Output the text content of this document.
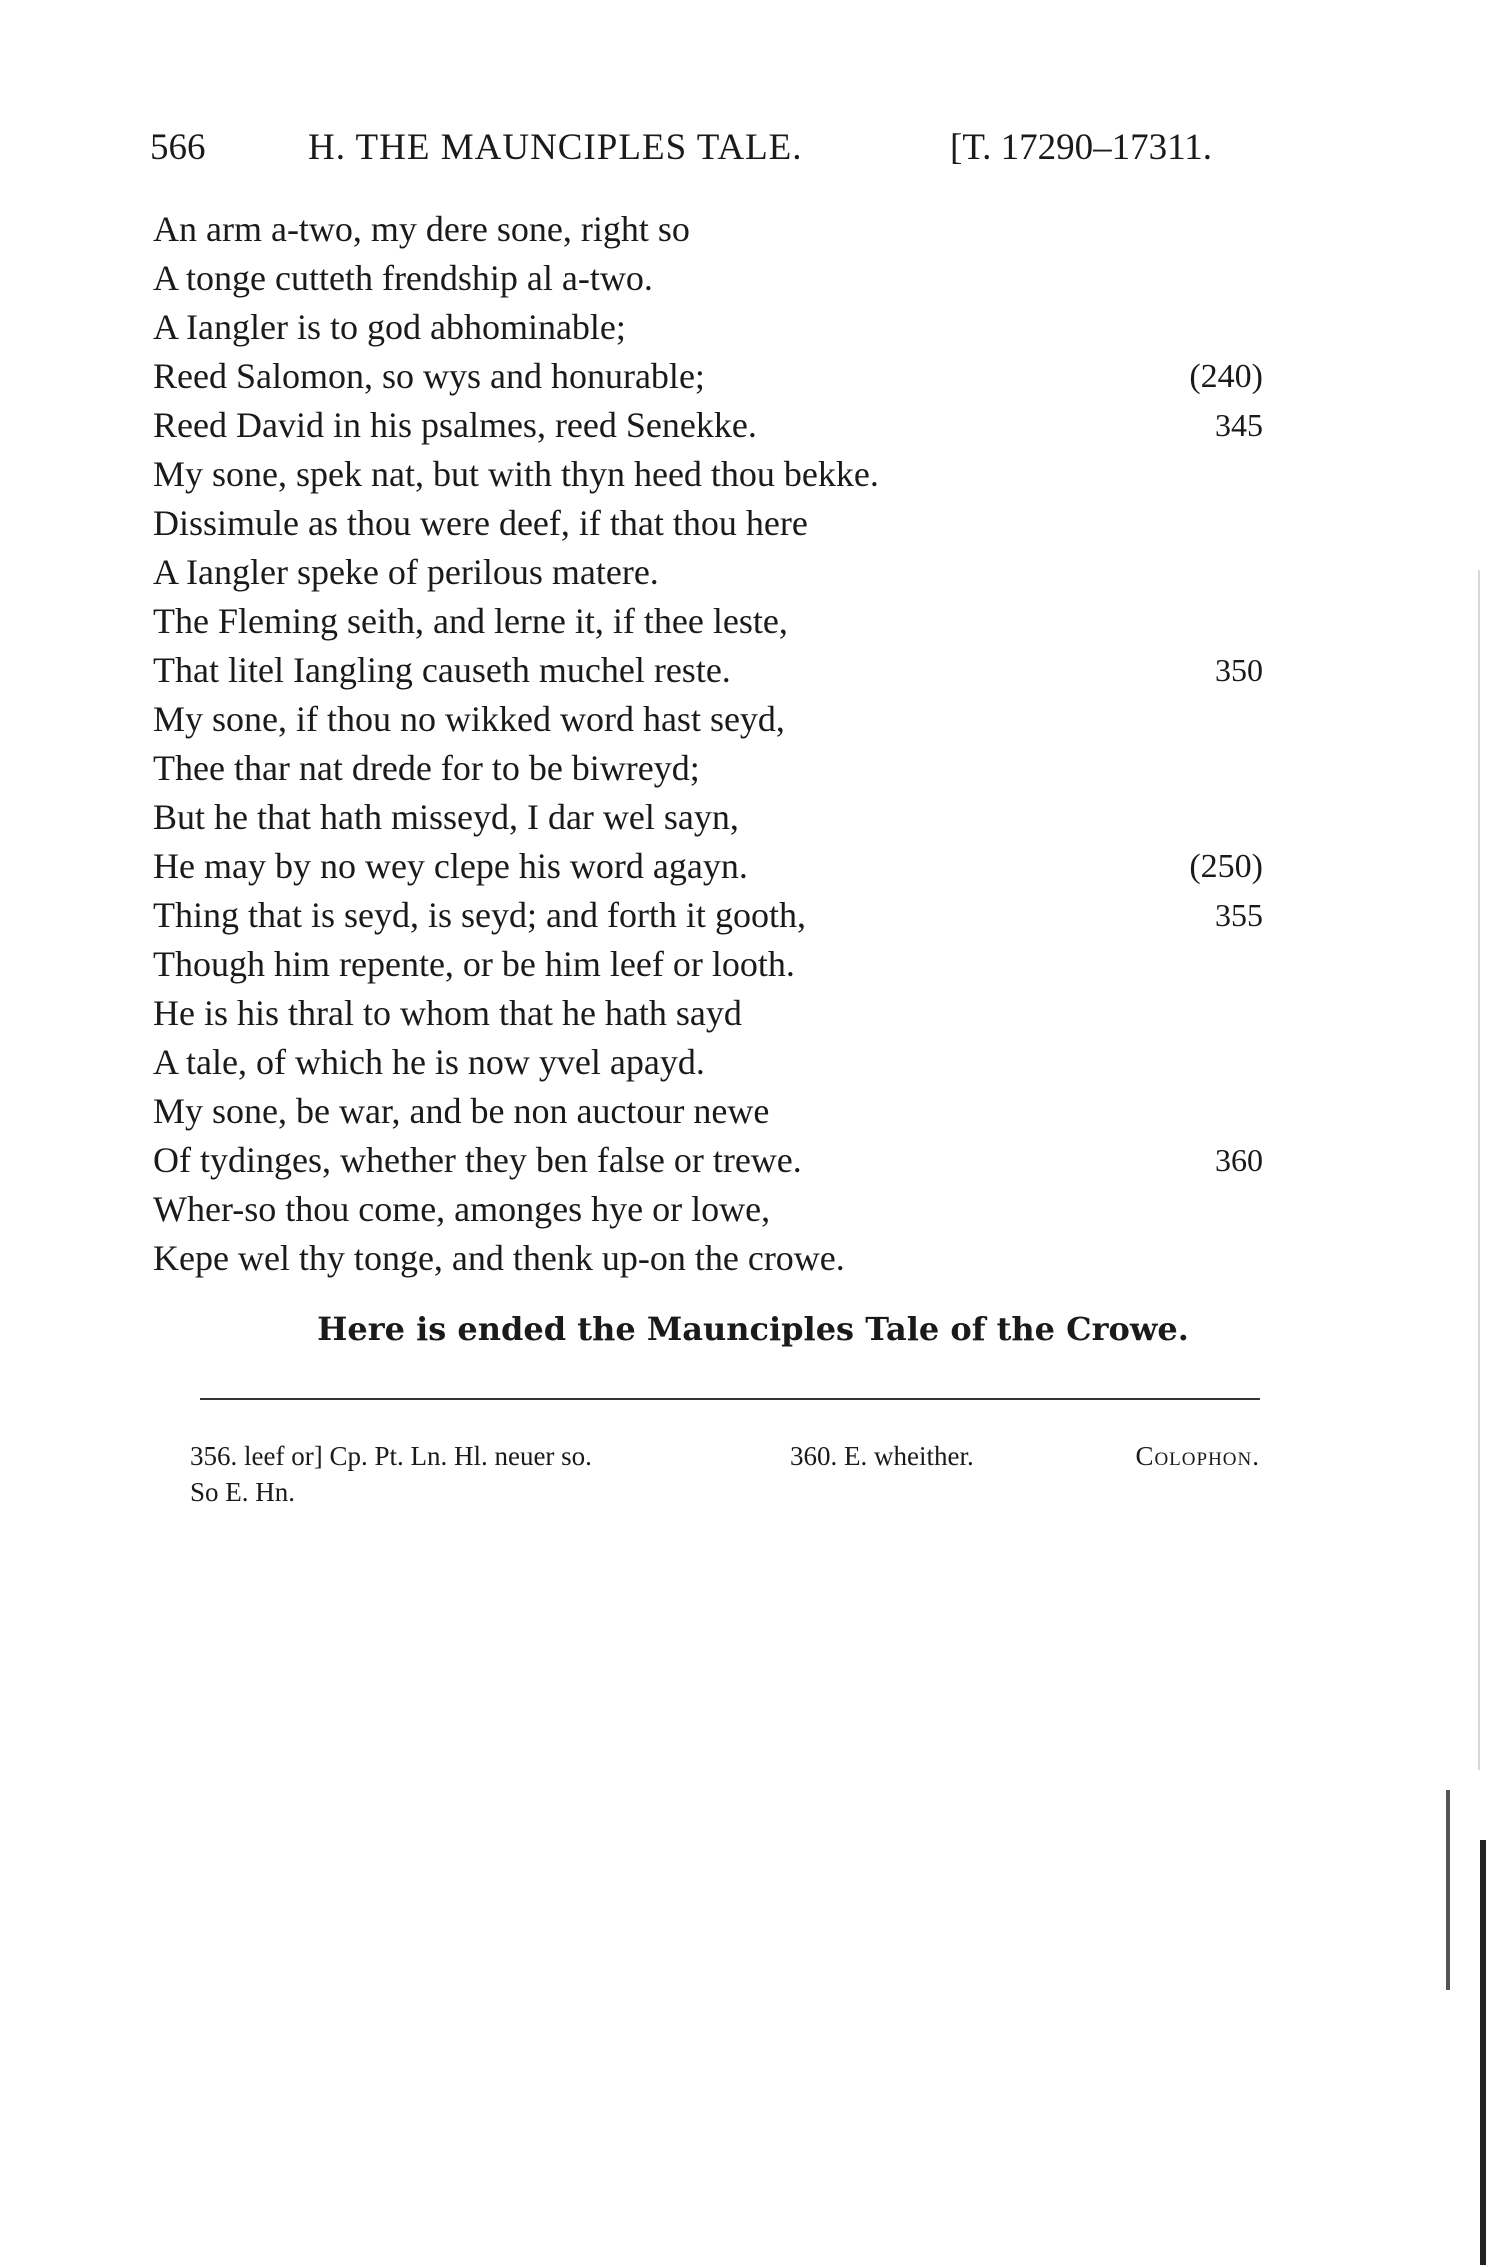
566	H. THE MAUNCIPLES TALE.	[T. 17290–17311.
An arm a-two, my dere sone, right so
A tonge cutteth frendship al a-two.
A Iangler is to god abhominable;
Reed Salomon, so wys and honurable;	(240)
Reed David in his psalmes, reed Senekke.	345
My sone, spek nat, but with thyn heed thou bekke.
Dissimule as thou were deef, if that thou here
A Iangler speke of perilous matere.
The Fleming seith, and lerne it, if thee leste,
That litel Iangling causeth muchel reste.	350
My sone, if thou no wikked word hast seyd,
Thee thar nat drede for to be biwreyd;
But he that hath misseyd, I dar wel sayn,
He may by no wey clepe his word agayn.	(250)
Thing that is seyd, is seyd; and forth it gooth,	355
Though him repente, or be him leef or looth.
He is his thral to whom that he hath sayd
A tale, of which he is now yvel apayd.
My sone, be war, and be non auctour newe
Of tydinges, whether they ben false or trewe.	360
Wher-so thou come, amonges hye or lowe,
Kepe wel thy tonge, and thenk up-on the crowe.
Here is ended the Maunciples Tale of the Crowe.
356. leef or] Cp. Pt. Ln. Hl. neuer so.	360. E. wheither.	Colophon.
So E. Hn.
